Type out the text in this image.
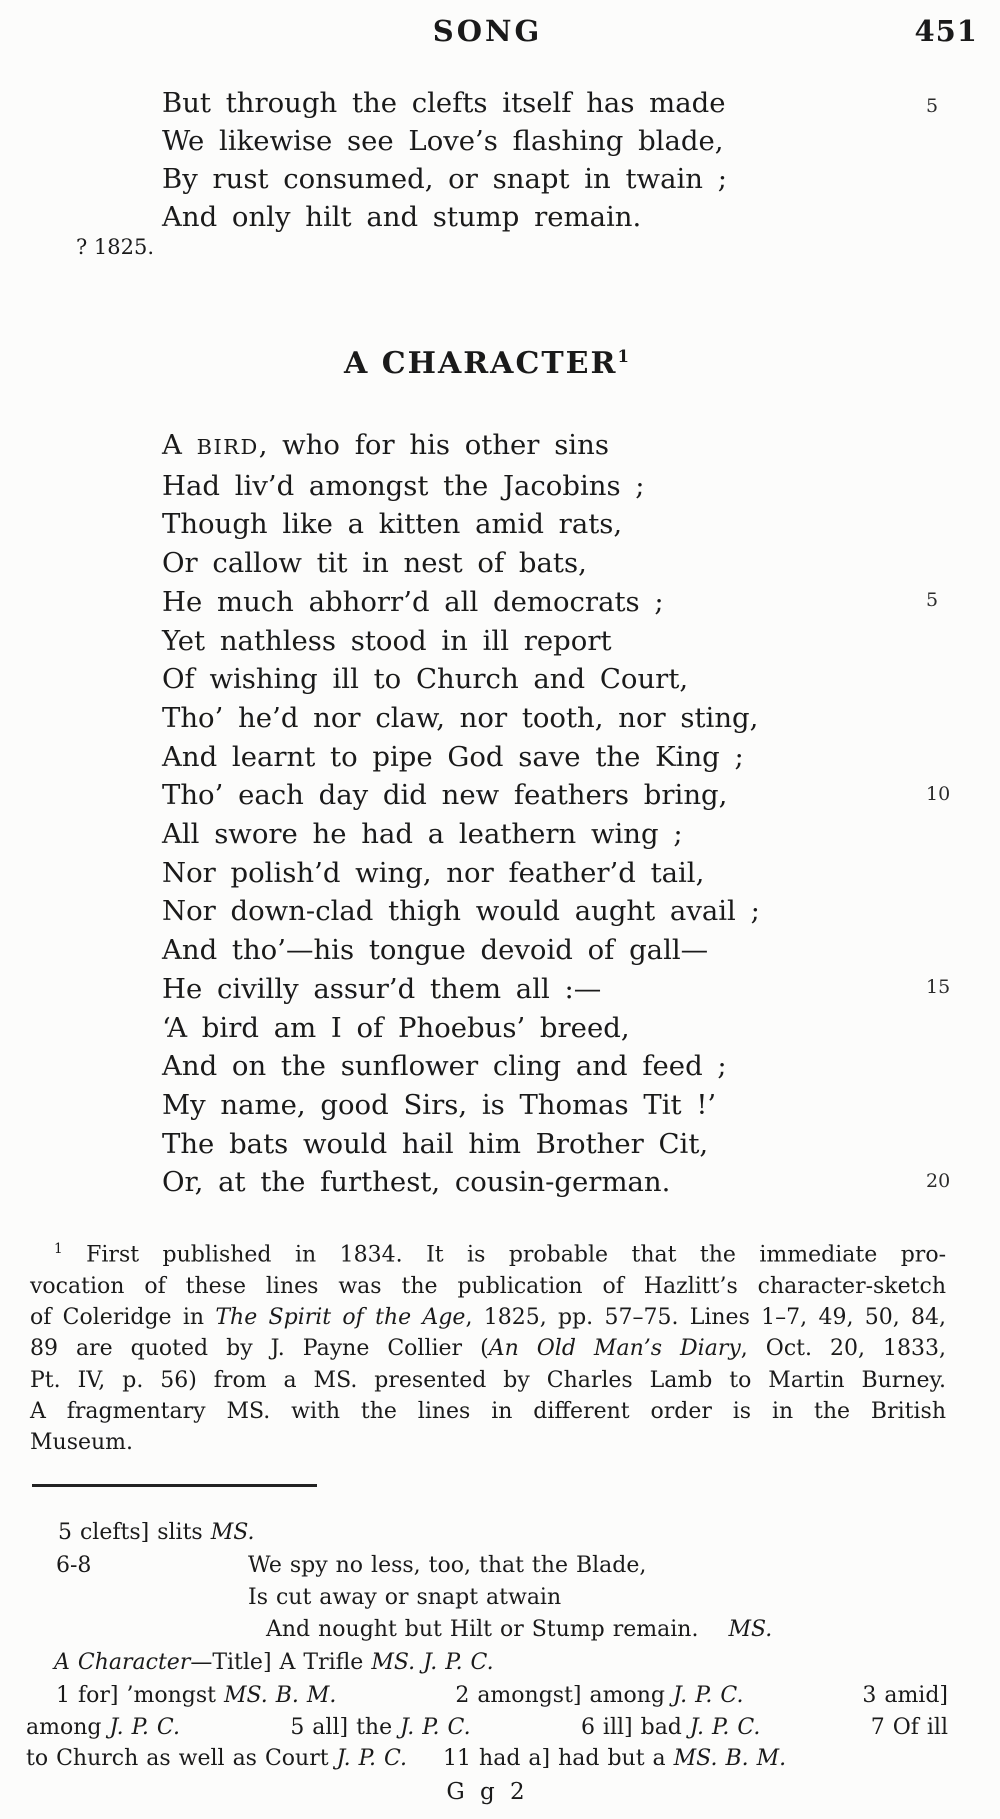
SONG	451
But through the clefts itself has made
We likewise see Love’s flashing blade,
By rust consumed, or snapt in twain ;
And only hilt and stump remain.
5
? 1825.
A CHARACTER$^1$
A BIRD, who for his other sins
Had liv’d amongst the Jacobins ;
Though like a kitten amid rats,
Or callow tit in nest of bats,
He much abhorr’d all democrats ;
Yet nathless stood in ill report
Of wishing ill to Church and Court,
Tho’ he’d nor claw, nor tooth, nor sting,
And learnt to pipe God save the King ;
Tho’ each day did new feathers bring,
All swore he had a leathern wing ;
Nor polish’d wing, nor feather’d tail,
Nor down-clad thigh would aught avail ;
And tho’—his tongue devoid of gall—
He civilly assur’d them all :—
‘A bird am I of Phoebus’ breed,
And on the sunflower cling and feed ;
My name, good Sirs, is Thomas Tit !’
The bats would hail him Brother Cit,
Or, at the furthest, cousin-german.
5
10
15
20
$^1$ First published in 1834. It is probable that the immediate pro-
vocation of these lines was the publication of Hazlitt’s character-sketch
of Coleridge in The Spirit of the Age, 1825, pp. 57–75. Lines 1–7, 49, 50, 84,
89 are quoted by J. Payne Collier (An Old Man’s Diary, Oct. 20, 1833,
Pt. IV, p. 56) from a MS. presented by Charles Lamb to Martin Burney.
A fragmentary MS. with the lines in different order is in the British
Museum.
5 clefts] slits MS.
6-8	We spy no less, too, that the Blade,
Is cut away or snapt atwain
And nought but Hilt or Stump remain. MS.
A Character—Title] A Trifle MS. J. P. C.
1 for] ’mongst MS. B. M.	2 amongst] among J. P. C.	3 amid]
among J. P. C.	5 all] the J. P. C.	6 ill] bad J. P. C.	7 Of ill
to Church as well as Court J. P. C. 11 had a] had but a MS. B. M.
G g 2
